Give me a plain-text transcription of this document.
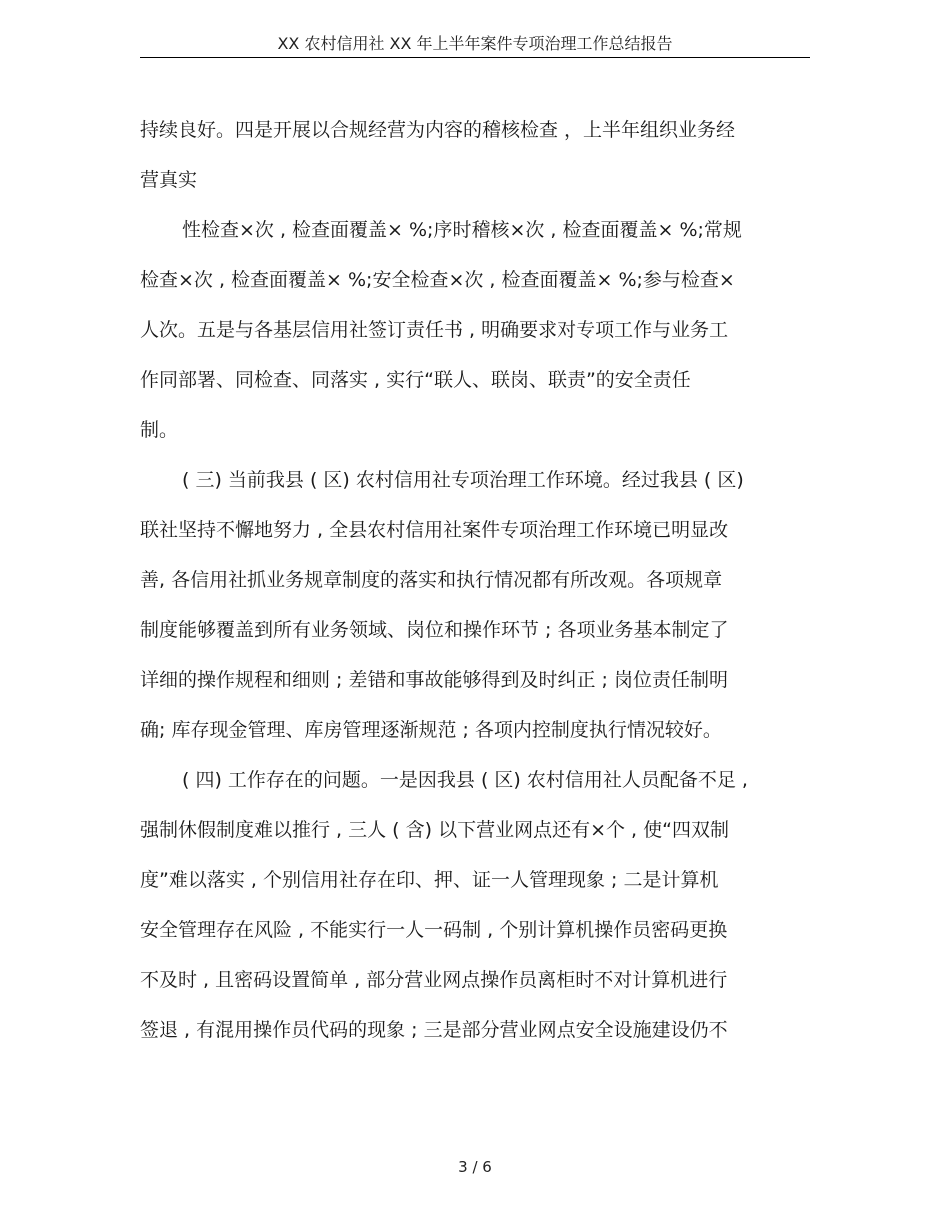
XX 农村信用社 XX 年上半年案件专项治理工作总结报告
持续良好。四是开展以合规经营为内容的稽核检查 ，上半年组织业务经
营真实
性检查×次 , 检查面覆盖× %;序时稽核×次 , 检查面覆盖× %;常规
检查×次 , 检查面覆盖× %;安全检查×次 , 检查面覆盖× %;参与检查×
人次。五是与各基层信用社签订责任书 , 明确要求对专项工作与业务工
作同部署、同检查、同落实 , 实行“联人、联岗、联责”的安全责任
制。
( 三) 当前我县 ( 区) 农村信用社专项治理工作环境。经过我县 ( 区)
联社坚持不懈地努力 , 全县农村信用社案件专项治理工作环境已明显改
善, 各信用社抓业务规章制度的落实和执行情况都有所改观。各项规章
制度能够覆盖到所有业务领域、岗位和操作环节 ; 各项业务基本制定了
详细的操作规程和细则 ; 差错和事故能够得到及时纠正 ; 岗位责任制明
确; 库存现金管理、库房管理逐渐规范 ; 各项内控制度执行情况较好。
( 四) 工作存在的问题。一是因我县 ( 区) 农村信用社人员配备不足 ,
强制休假制度难以推行 , 三人 ( 含) 以下营业网点还有×个 , 使“四双制
度”难以落实 , 个别信用社存在印、押、证一人管理现象 ; 二是计算机
安全管理存在风险 , 不能实行一人一码制 , 个别计算机操作员密码更换
不及时 , 且密码设置简单 , 部分营业网点操作员离柜时不对计算机进行
签退 , 有混用操作员代码的现象 ; 三是部分营业网点安全设施建设仍不
3 / 6
